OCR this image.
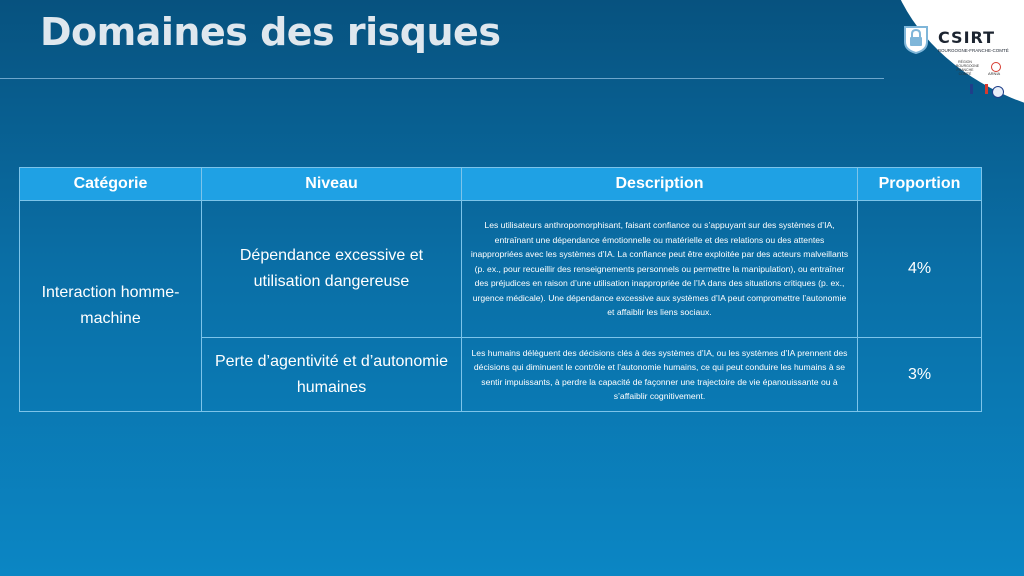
Domaines des risques	CSIRT
BOURGOGNE-FRANCHE-COMTÉ
RÉGION BOURGOGNE FRANCHE COMTÉ	ARNIA
Catégorie	Niveau	Description	Proportion
Interaction homme-machine	Dépendance excessive et utilisation dangereuse	Les utilisateurs anthropomorphisant, faisant confiance ou s’appuyant sur des systèmes d’IA, entraînant une dépendance émotionnelle ou matérielle et des relations ou des attentes inappropriées avec les systèmes d’IA. La confiance peut être exploitée par des acteurs malveillants (p. ex., pour recueillir des renseignements personnels ou permettre la manipulation), ou entraîner des préjudices en raison d’une utilisation inappropriée de l’IA dans des situations critiques (p. ex., urgence médicale). Une dépendance excessive aux systèmes d’IA peut compromettre l’autonomie et affaiblir les liens sociaux.	4%
	Perte d’agentivité et d’autonomie humaines	Les humains délèguent des décisions clés à des systèmes d’IA, ou les systèmes d’IA prennent des décisions qui diminuent le contrôle et l’autonomie humains, ce qui peut conduire les humains à se sentir impuissants, à perdre la capacité de façonner une trajectoire de vie épanouissante ou à s’affaiblir cognitivement.	3%
